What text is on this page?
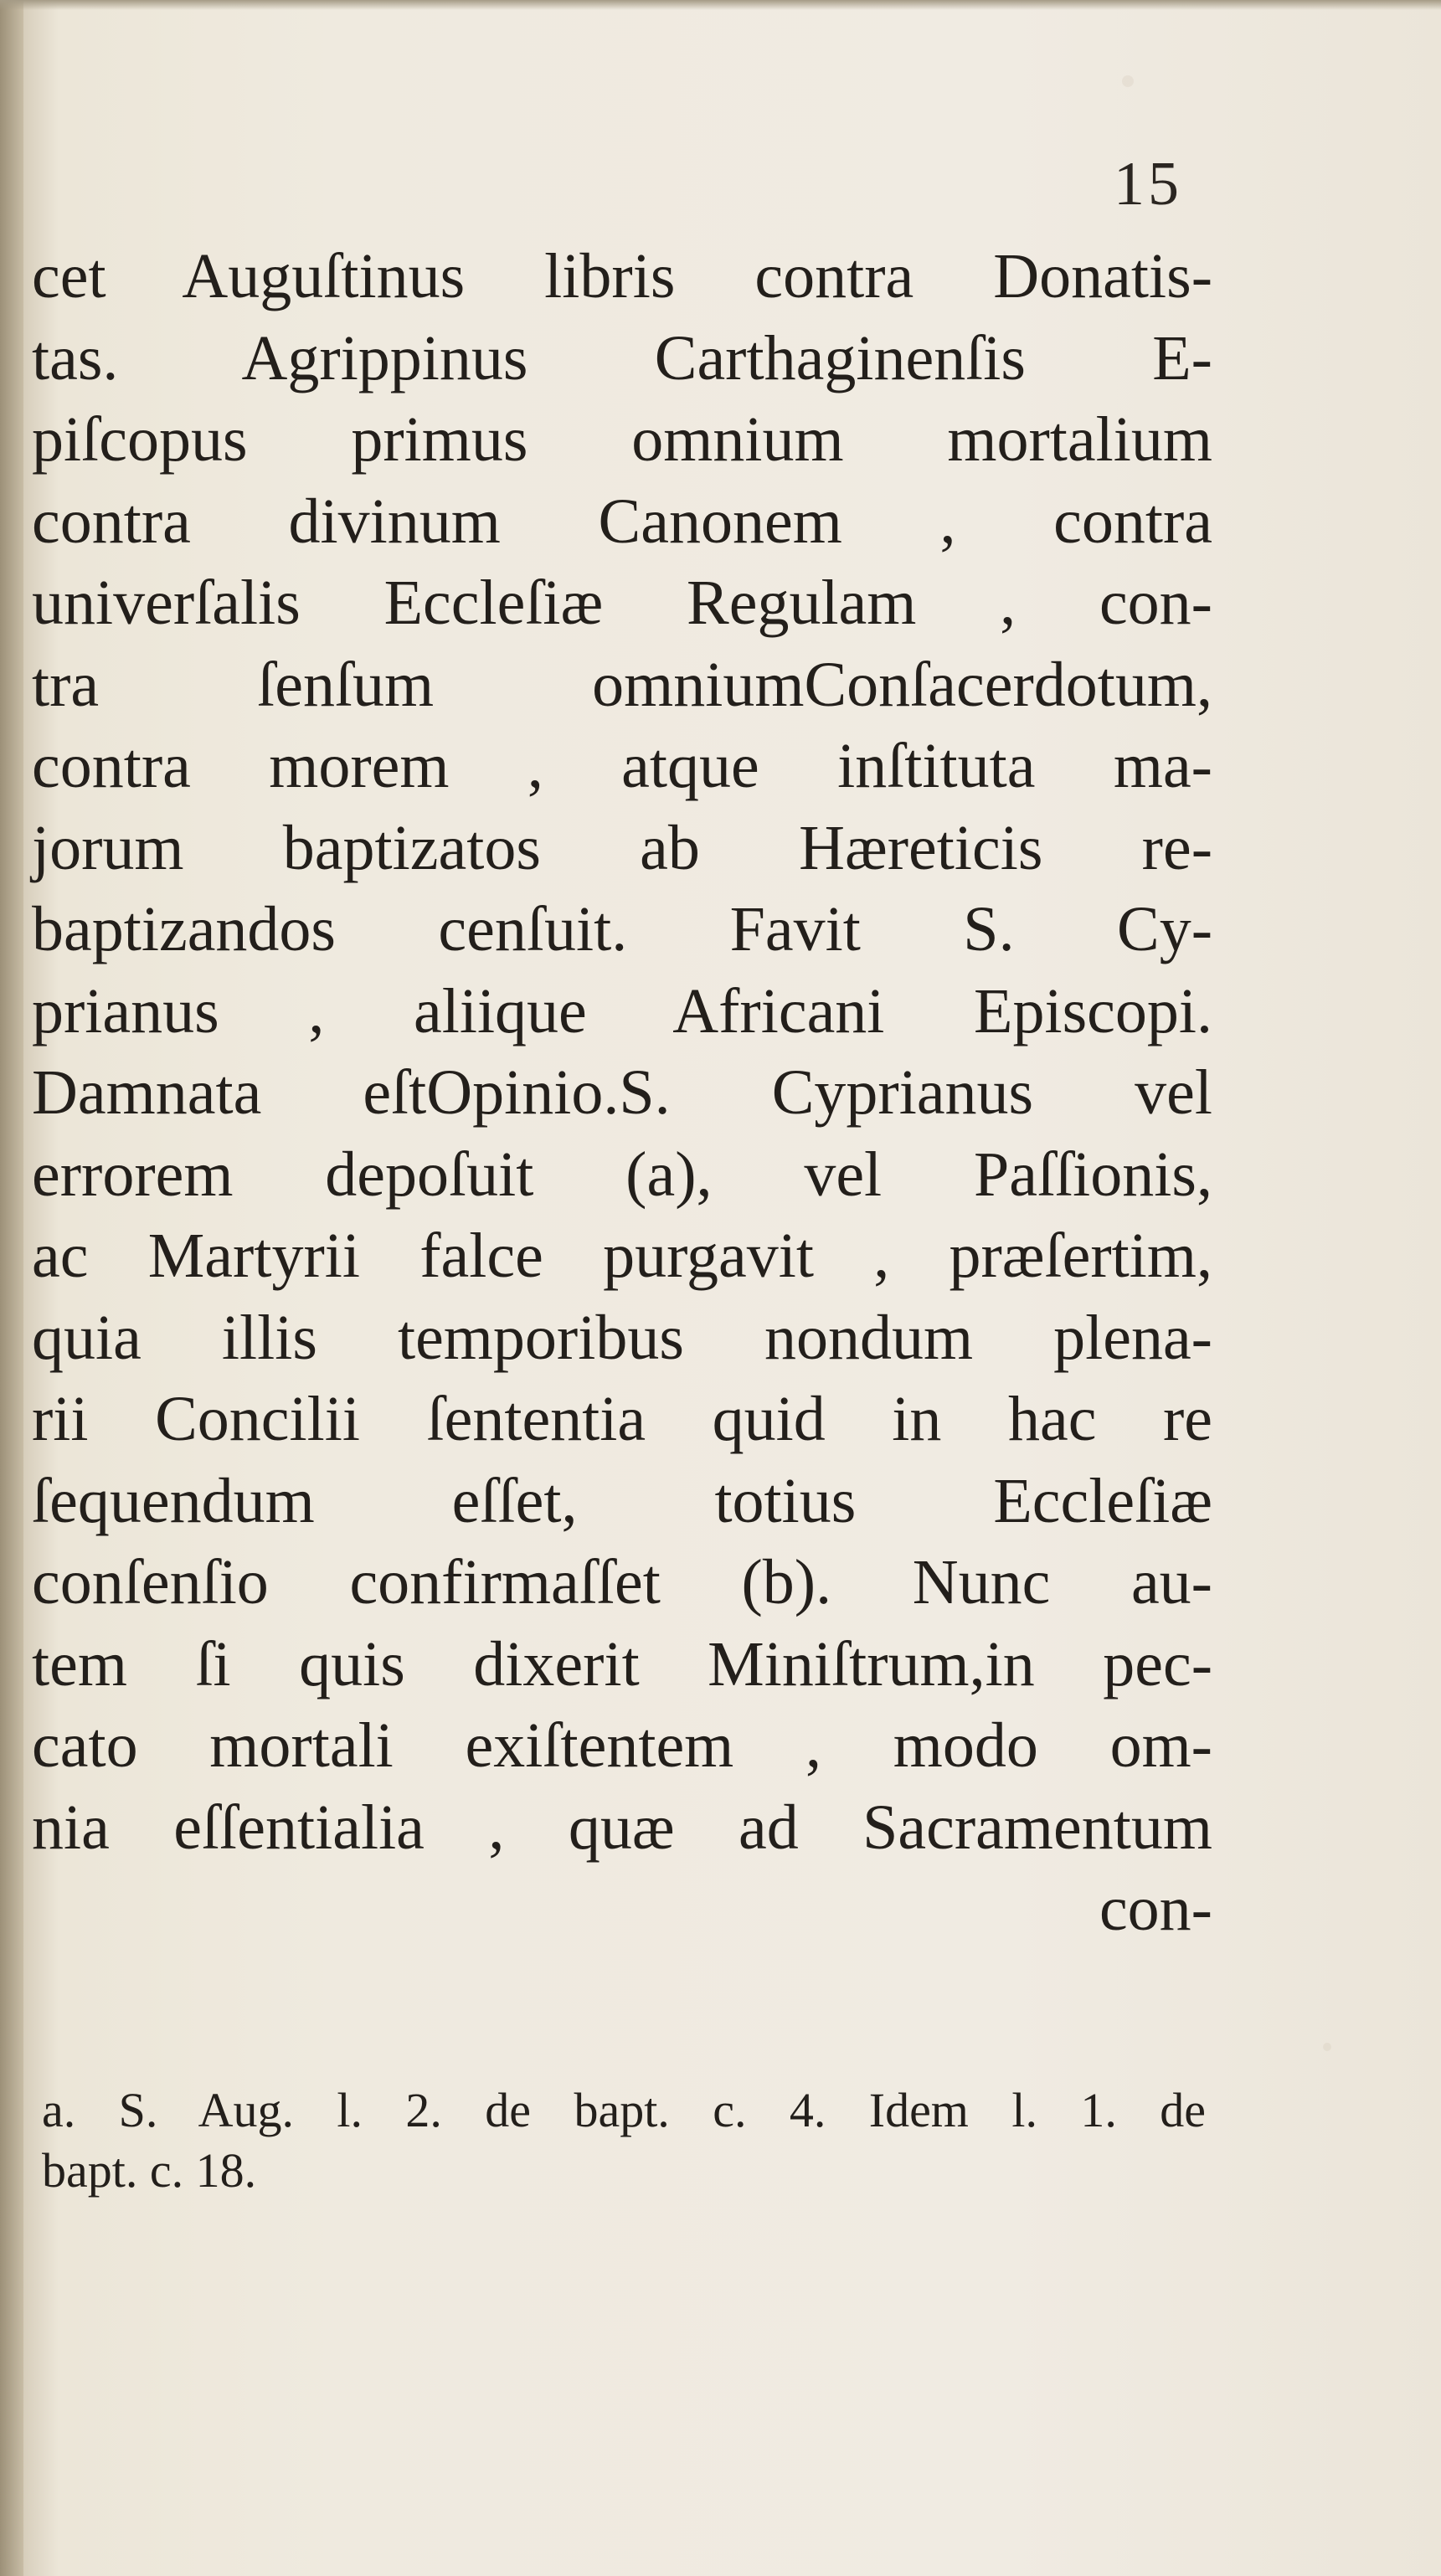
15
cet Auguſtinus libris contra Donatis-
tas. Agrippinus Carthaginenſis E-
piſcopus primus omnium mortalium
contra divinum Canonem , contra
univerſalis Eccleſiæ Regulam , con-
tra ſenſum omniumConſacerdotum,
contra morem , atque inſtituta ma-
jorum baptizatos ab Hæreticis re-
baptizandos cenſuit. Favit S. Cy-
prianus , aliique Africani Episcopi.
Damnata eſtOpinio.S. Cyprianus vel
errorem depoſuit (a), vel Paſſionis,
ac Martyrii falce purgavit , præſertim,
quia illis temporibus nondum plena-
rii Concilii ſententia quid in hac re
ſequendum eſſet, totius Eccleſiæ
conſenſio confirmaſſet (b). Nunc au-
tem ſi quis dixerit Miniſtrum,in pec-
cato mortali exiſtentem , modo om-
nia eſſentialia , quæ ad Sacramentum
con-
a. S. Aug. l. 2. de bapt. c. 4. Idem l. 1. de
bapt. c. 18.
